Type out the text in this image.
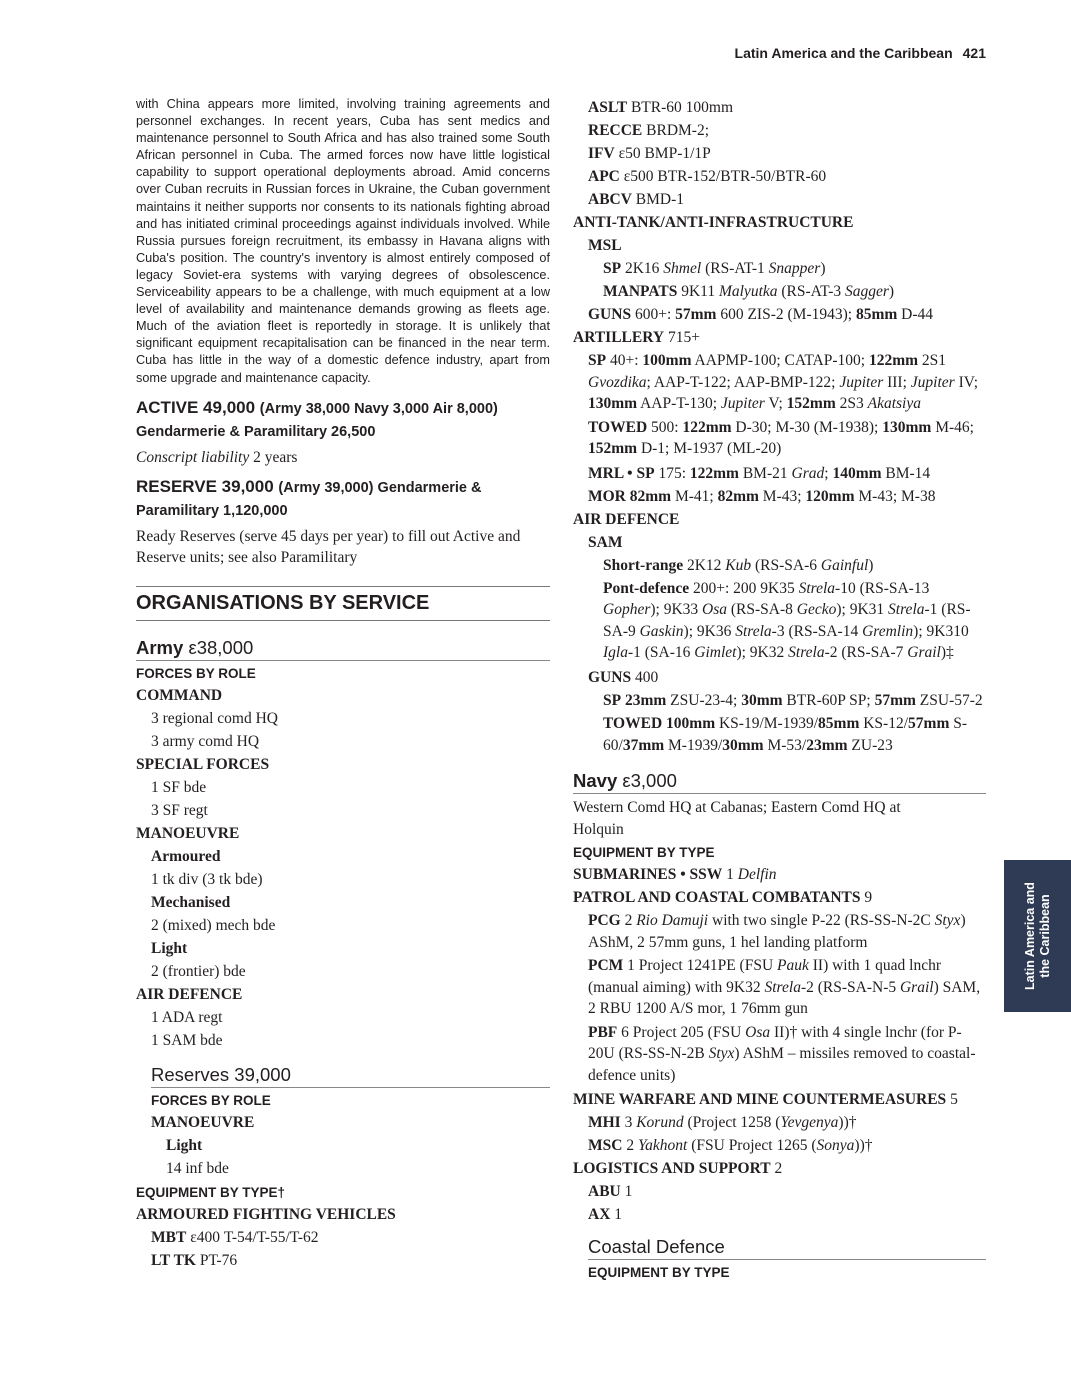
Latin America and the Caribbean 421

with China appears more limited, involving training agreements and personnel exchanges. In recent years, Cuba has sent medics and maintenance personnel to South Africa and has also trained some South African personnel in Cuba. The armed forces now have little logistical capability to support operational deployments abroad. Amid concerns over Cuban recruits in Russian forces in Ukraine, the Cuban government maintains it neither supports nor consents to its nationals fighting abroad and has initiated criminal proceedings against individuals involved. While Russia pursues foreign recruitment, its embassy in Havana aligns with Cuba's position. The country's inventory is almost entirely composed of legacy Soviet-era systems with varying degrees of obsolescence. Serviceability appears to be a challenge, with much equipment at a low level of availability and maintenance demands growing as fleets age. Much of the aviation fleet is reportedly in storage. It is unlikely that significant equipment recapitalisation can be financed in the near term. Cuba has little in the way of a domestic defence industry, apart from some upgrade and maintenance capacity.

ACTIVE 49,000 (Army 38,000 Navy 3,000 Air 8,000)
Gendarmerie & Paramilitary 26,500
Conscript liability 2 years
RESERVE 39,000 (Army 39,000) Gendarmerie &
Paramilitary 1,120,000
Ready Reserves (serve 45 days per year) to fill out Active and Reserve units; see also Paramilitary
ORGANISATIONS BY SERVICE
Army ε38,000
FORCES BY ROLE
COMMAND
3 regional comd HQ
3 army comd HQ
SPECIAL FORCES
1 SF bde
3 SF regt
MANOEUVRE
Armoured
1 tk div (3 tk bde)
Mechanised
2 (mixed) mech bde
Light
2 (frontier) bde
AIR DEFENCE
1 ADA regt
1 SAM bde
Reserves 39,000
FORCES BY ROLE
MANOEUVRE
Light
14 inf bde
EQUIPMENT BY TYPE†
ARMOURED FIGHTING VEHICLES
MBT ε400 T-54/T-55/T-62
LT TK PT-76
ASLT BTR-60 100mm
RECCE BRDM-2;
IFV ε50 BMP-1/1P
APC ε500 BTR-152/BTR-50/BTR-60
ABCV BMD-1
ANTI-TANK/ANTI-INFRASTRUCTURE
MSL
SP 2K16 Shmel (RS-AT-1 Snapper)
MANPATS 9K11 Malyutka (RS-AT-3 Sagger)
GUNS 600+: 57mm 600 ZIS-2 (M-1943); 85mm D-44
ARTILLERY 715+
SP 40+: 100mm AAPMP-100; CATAP-100; 122mm 2S1 Gvozdika; AAP-T-122; AAP-BMP-122; Jupiter III; Jupiter IV; 130mm AAP-T-130; Jupiter V; 152mm 2S3 Akatsiya
TOWED 500: 122mm D-30; M-30 (M-1938); 130mm M-46; 152mm D-1; M-1937 (ML-20)
MRL • SP 175: 122mm BM-21 Grad; 140mm BM-14
MOR 82mm M-41; 82mm M-43; 120mm M-43; M-38
AIR DEFENCE
SAM
Short-range 2K12 Kub (RS-SA-6 Gainful)
Pont-defence 200+: 200 9K35 Strela-10 (RS-SA-13 Gopher); 9K33 Osa (RS-SA-8 Gecko); 9K31 Strela-1 (RS-SA-9 Gaskin); 9K36 Strela-3 (RS-SA-14 Gremlin); 9K310 Igla-1 (SA-16 Gimlet); 9K32 Strela-2 (RS-SA-7 Grail)‡
GUNS 400
SP 23mm ZSU-23-4; 30mm BTR-60P SP; 57mm ZSU-57-2
TOWED 100mm KS-19/M-1939/85mm KS-12/57mm S-60/37mm M-1939/30mm M-53/23mm ZU-23
Navy ε3,000
Western Comd HQ at Cabanas; Eastern Comd HQ at Holquin
EQUIPMENT BY TYPE
SUBMARINES • SSW 1 Delfin
PATROL AND COASTAL COMBATANTS 9
PCG 2 Rio Damuji with two single P-22 (RS-SS-N-2C Styx) AShM, 2 57mm guns, 1 hel landing platform
PCM 1 Project 1241PE (FSU Pauk II) with 1 quad lnchr (manual aiming) with 9K32 Strela-2 (RS-SA-N-5 Grail) SAM, 2 RBU 1200 A/S mor, 1 76mm gun
PBF 6 Project 205 (FSU Osa II)† with 4 single lnchr (for P-20U (RS-SS-N-2B Styx) AShM – missiles removed to coastal-defence units)
MINE WARFARE AND MINE COUNTERMEASURES 5
MHI 3 Korund (Project 1258 (Yevgenya))†
MSC 2 Yakhont (FSU Project 1265 (Sonya))†
LOGISTICS AND SUPPORT 2
ABU 1
AX 1
Coastal Defence
EQUIPMENT BY TYPE
Latin America and
the Caribbean
